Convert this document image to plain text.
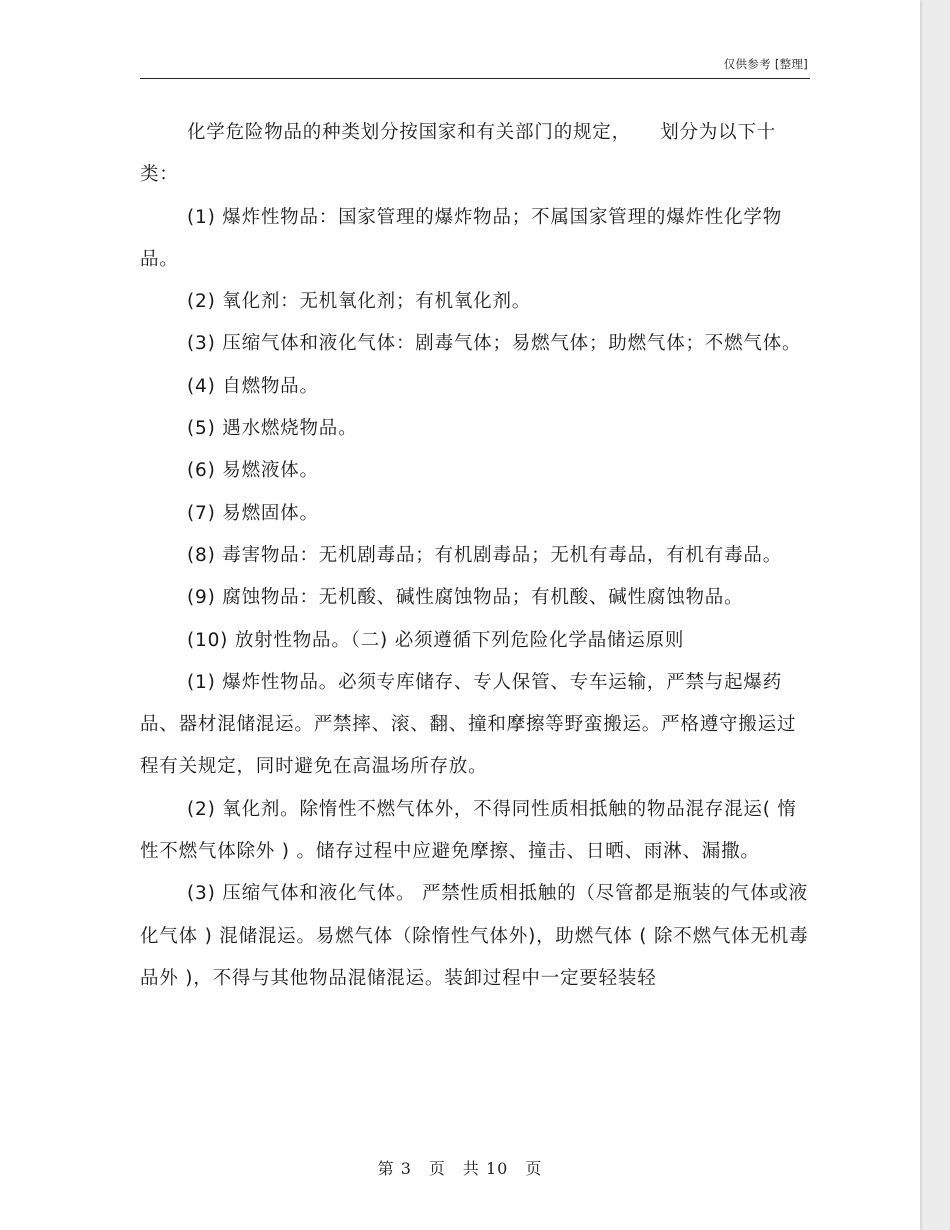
仅供参考 [整理]

化学危险物品的种类划分按国家和有关部门的规定，　　划分为以下十类：

(1) 爆炸性物品：国家管理的爆炸物品；不属国家管理的爆炸性化学物品。

(2) 氧化剂：无机氧化剂；有机氧化剂。

(3) 压缩气体和液化气体：剧毒气体；易燃气体；助燃气体；不燃气体。

(4) 自燃物品。

(5) 遇水燃烧物品。

(6) 易燃液体。

(7) 易燃固体。

(8) 毒害物品：无机剧毒品；有机剧毒品；无机有毒品，有机有毒品。

(9) 腐蚀物品：无机酸、碱性腐蚀物品；有机酸、碱性腐蚀物品。

(10) 放射性物品。（二) 必须遵循下列危险化学晶储运原则

(1) 爆炸性物品。必须专库储存、专人保管、专车运输，严禁与起爆药品、器材混储混运。严禁摔、滚、翻、撞和摩擦等野蛮搬运。严格遵守搬运过程有关规定，同时避免在高温场所存放。

(2) 氧化剂。除惰性不燃气体外，不得同性质相抵触的物品混存混运( 惰性不燃气体除外 ) 。储存过程中应避免摩擦、撞击、日晒、雨淋、漏撒。

(3) 压缩气体和液化气体。 严禁性质相抵触的（尽管都是瓶装的气体或液化气体 ) 混储混运。易燃气体（除惰性气体外)，助燃气体 ( 除不燃气体无机毒品外 )，不得与其他物品混储混运。装卸过程中一定要轻装轻

第 3　页　共 10　页
